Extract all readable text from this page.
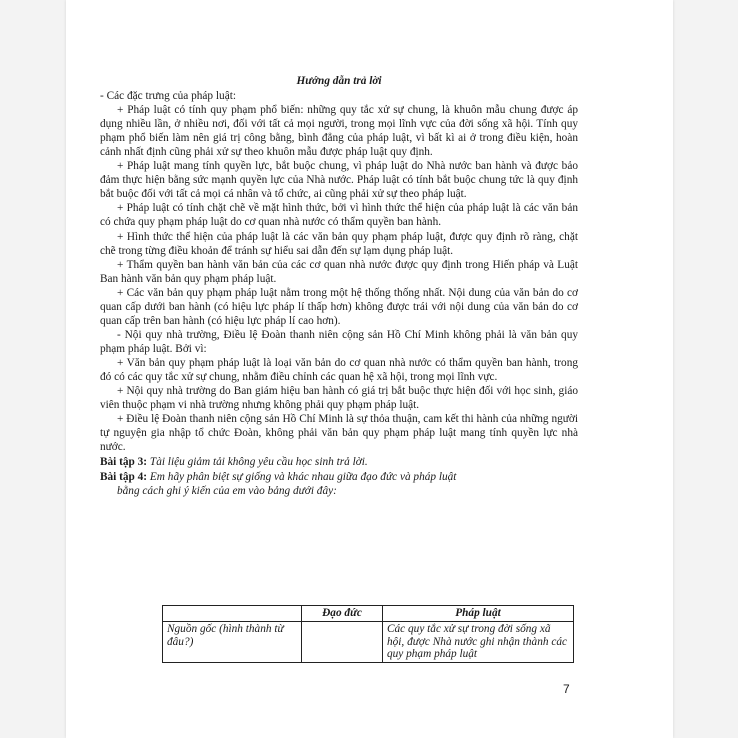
Hướng dẫn trả lời

- Các đặc trưng của pháp luật:

+ Pháp luật có tính quy phạm phổ biến: những quy tắc xử sự chung, là khuôn mẫu chung được áp dụng nhiều lần, ở nhiều nơi, đối với tất cả mọi người, trong mọi lĩnh vực của đời sống xã hội. Tính quy phạm phổ biến làm nên giá trị công bằng, bình đẳng của pháp luật, vì bất kì ai ở trong điều kiện, hoàn cảnh nhất định cũng phải xử sự theo khuôn mẫu được pháp luật quy định.

+ Pháp luật mang tính quyền lực, bắt buộc chung, vì pháp luật do Nhà nước ban hành và được bảo đảm thực hiện bằng sức mạnh quyền lực của Nhà nước. Pháp luật có tính bắt buộc chung tức là quy định bắt buộc đối với tất cả mọi cá nhân và tổ chức, ai cũng phải xử sự theo pháp luật.

+ Pháp luật có tính chặt chẽ về mặt hình thức, bởi vì hình thức thể hiện của pháp luật là các văn bản có chứa quy phạm pháp luật do cơ quan nhà nước có thẩm quyền ban hành.

+ Hình thức thể hiện của pháp luật là các văn bản quy phạm pháp luật, được quy định rõ ràng, chặt chẽ trong từng điều khoản để tránh sự hiểu sai dẫn đến sự lạm dụng pháp luật.

+ Thẩm quyền ban hành văn bản của các cơ quan nhà nước được quy định trong Hiến pháp và Luật Ban hành văn bản quy phạm pháp luật.

+ Các văn bản quy phạm pháp luật nằm trong một hệ thống thống nhất. Nội dung của văn bản do cơ quan cấp dưới ban hành (có hiệu lực pháp lí thấp hơn) không được trái với nội dung của văn bản do cơ quan cấp trên ban hành (có hiệu lực pháp lí cao hơn).

- Nội quy nhà trường, Điều lệ Đoàn thanh niên cộng sản Hồ Chí Minh không phải là văn bản quy phạm pháp luật. Bởi vì:

+ Văn bản quy phạm pháp luật là loại văn bản do cơ quan nhà nước có thẩm quyền ban hành, trong đó có các quy tắc xử sự chung, nhằm điều chỉnh các quan hệ xã hội, trong mọi lĩnh vực.

+ Nội quy nhà trường do Ban giám hiệu ban hành có giá trị bắt buộc thực hiện đối với học sinh, giáo viên thuộc phạm vi nhà trường nhưng không phải quy phạm pháp luật.

+ Điều lệ Đoàn thanh niên cộng sản Hồ Chí Minh là sự thỏa thuận, cam kết thi hành của những người tự nguyện gia nhập tổ chức Đoàn, không phải văn bản quy phạm pháp luật mang tính quyền lực nhà nước.

Bài tập 3: Tài liệu giảm tải không yêu cầu học sinh trả lời.

Bài tập 4: Em hãy phân biệt sự giống và khác nhau giữa đạo đức và pháp luật
bằng cách ghi ý kiến của em vào bảng dưới đây:

	Đạo đức	Pháp luật
Nguồn gốc (hình thành từ đâu?)		Các quy tắc xử sự trong đời sống xã hội, được Nhà nước ghi nhận thành các quy phạm pháp luật
7
